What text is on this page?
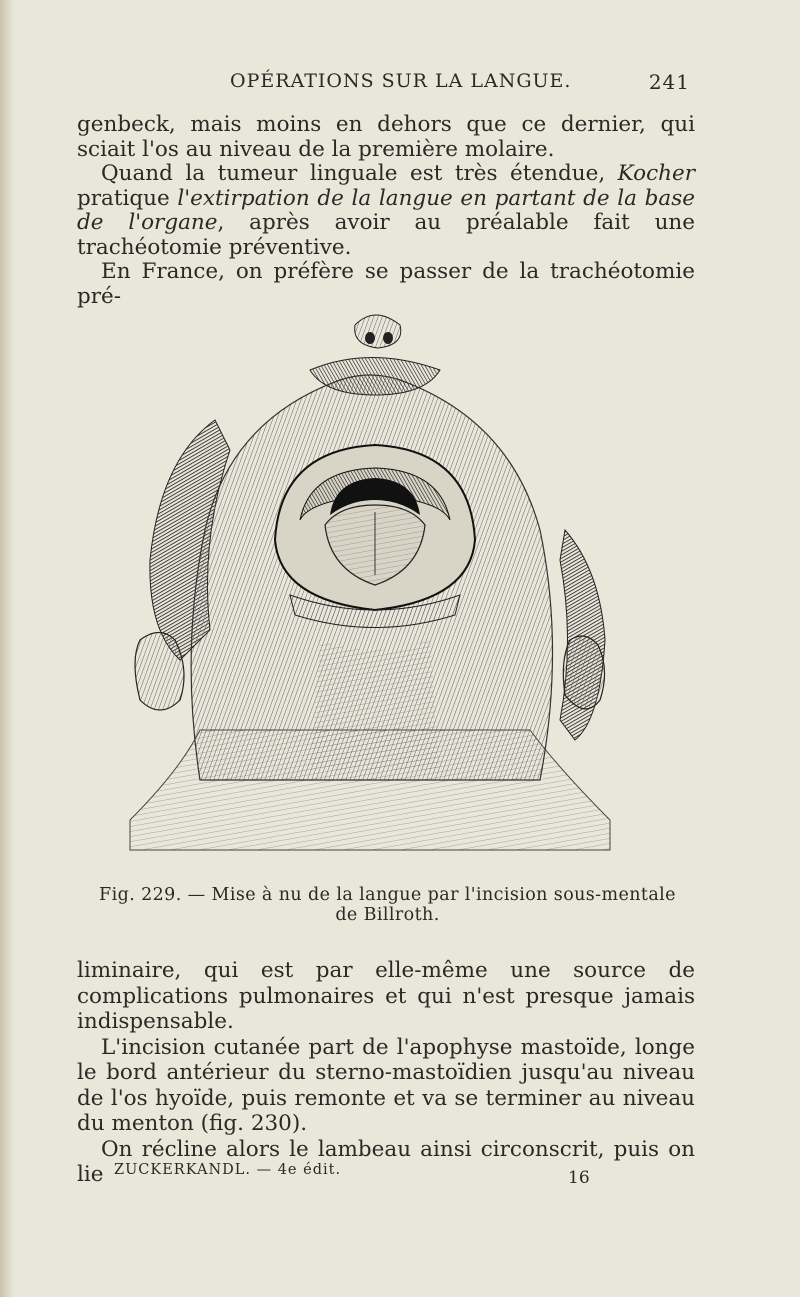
OPÉRATIONS SUR LA LANGUE.	241

genbeck, mais moins en dehors que ce dernier, qui sciait l'os au niveau de la première molaire.

Quand la tumeur linguale est très étendue, Kocher pratique l'extirpation de la langue en partant de la base de l'organe, après avoir au préalable fait une trachéotomie préventive.

En France, on préfère se passer de la trachéotomie pré-

Fig. 229. — Mise à nu de la langue par l'incision sous-mentale
de Billroth.

liminaire, qui est par elle-même une source de complications pulmonaires et qui n'est presque jamais indispensable.

L'incision cutanée part de l'apophyse mastoïde, longe le bord antérieur du sterno-mastoïdien jusqu'au niveau de l'os hyoïde, puis remonte et va se terminer au niveau du menton (fig. 230).

On récline alors le lambeau ainsi circonscrit, puis on lie ZUCKERKANDL. — 4e édit.	16
